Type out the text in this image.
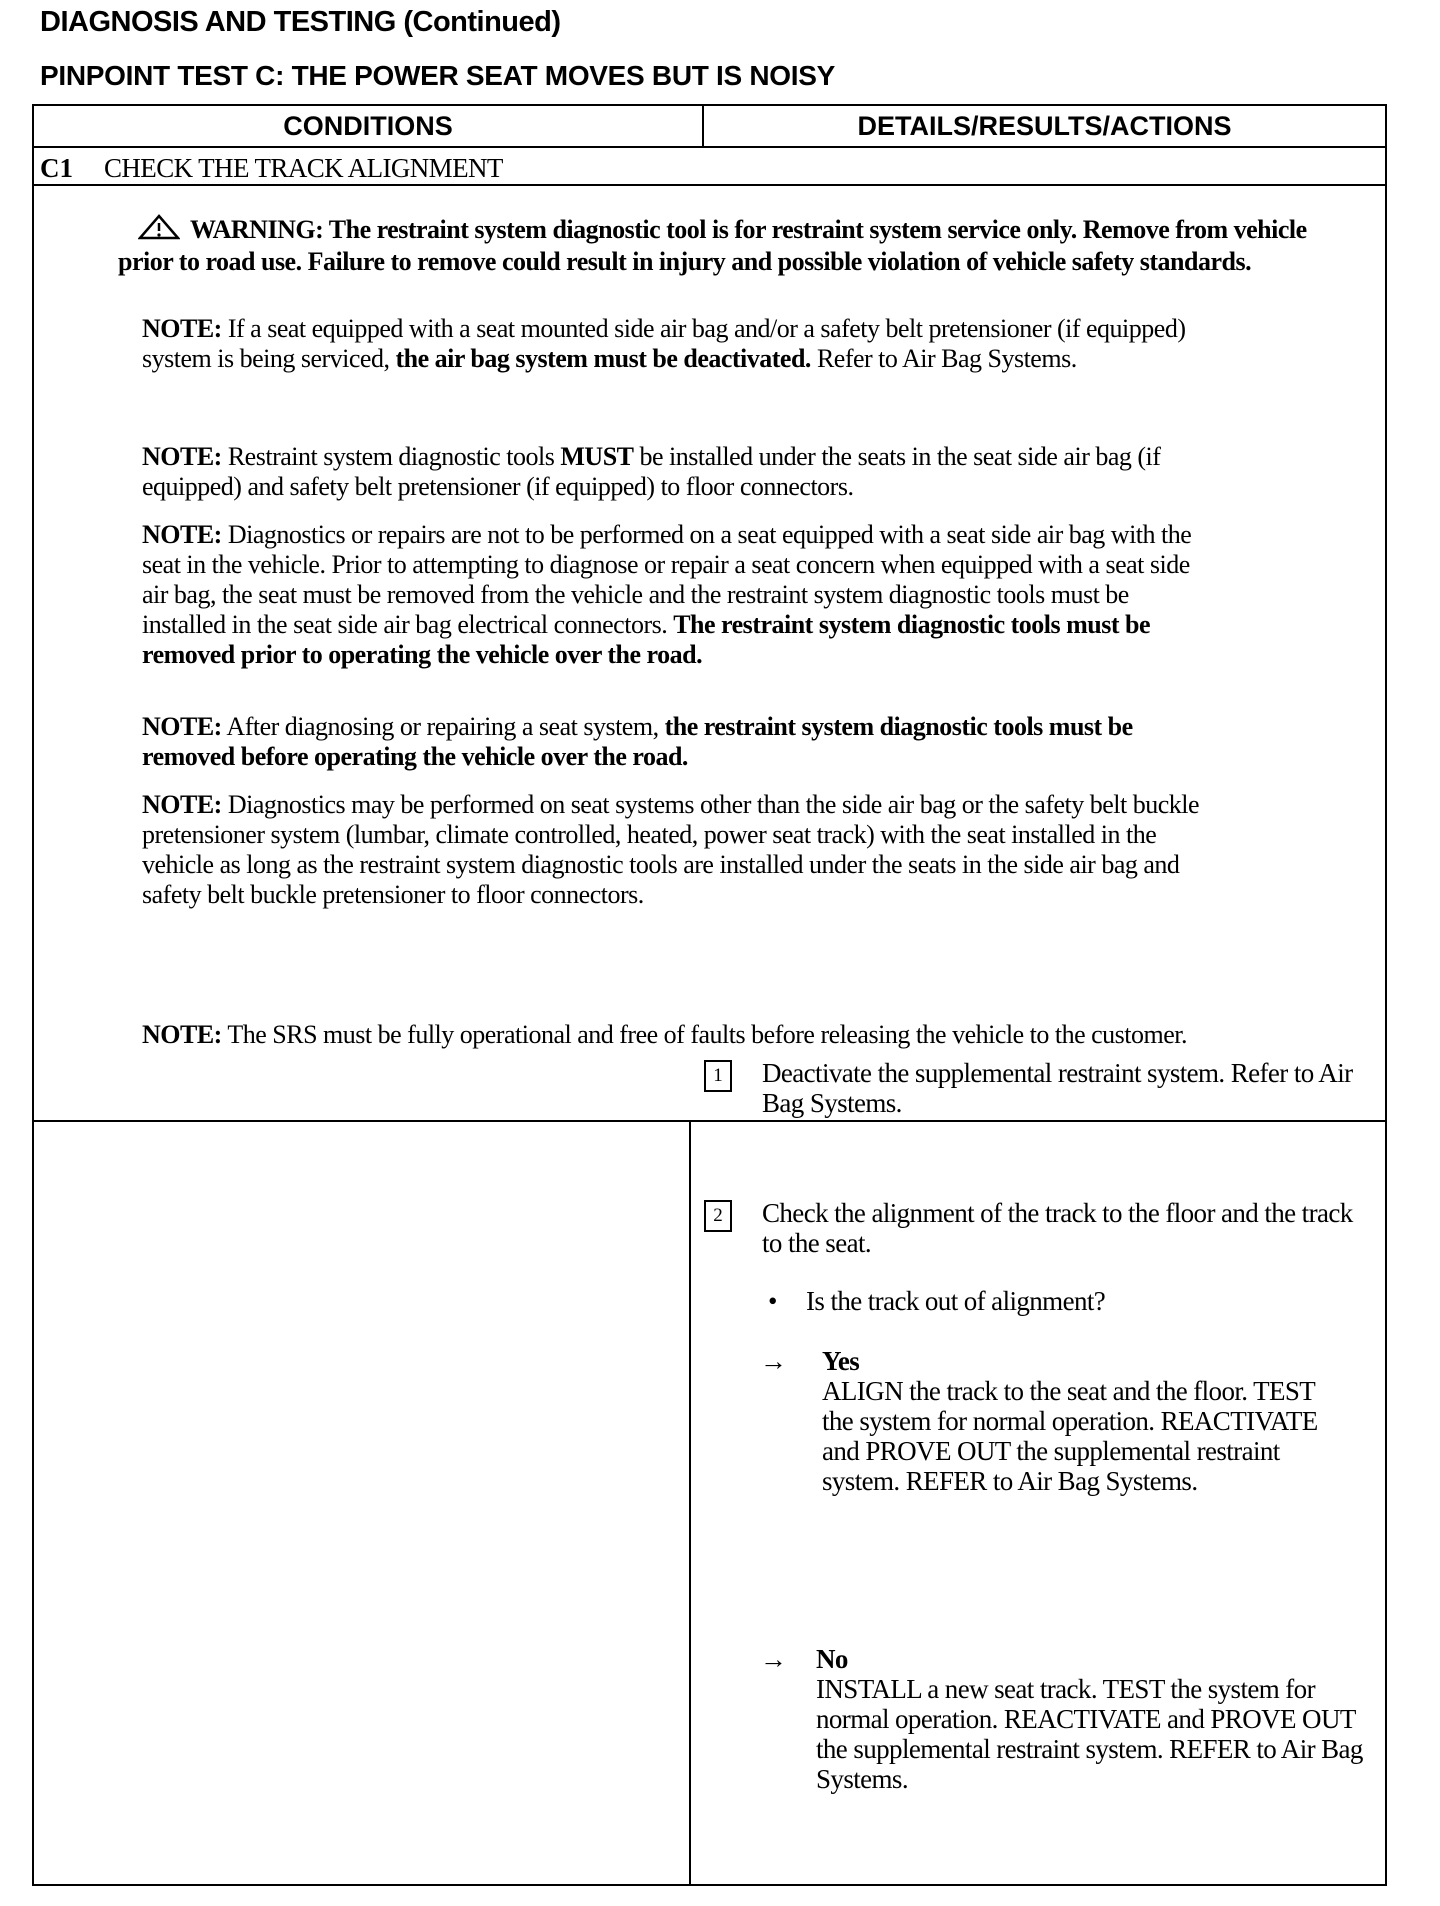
DIAGNOSIS AND TESTING (Continued)
PINPOINT TEST C: THE POWER SEAT MOVES BUT IS NOISY
CONDITIONS	DETAILS/RESULTS/ACTIONS
C1 CHECK THE TRACK ALIGNMENT
WARNING: The restraint system diagnostic tool is for restraint system service only. Remove from vehicle prior to road use. Failure to remove could result in injury and possible violation of vehicle safety standards.
NOTE: If a seat equipped with a seat mounted side air bag and/or a safety belt pretensioner (if equipped) system is being serviced, the air bag system must be deactivated. Refer to Air Bag Systems.
NOTE: Restraint system diagnostic tools MUST be installed under the seats in the seat side air bag (if equipped) and safety belt pretensioner (if equipped) to floor connectors.
NOTE: Diagnostics or repairs are not to be performed on a seat equipped with a seat side air bag with the seat in the vehicle. Prior to attempting to diagnose or repair a seat concern when equipped with a seat side air bag, the seat must be removed from the vehicle and the restraint system diagnostic tools must be installed in the seat side air bag electrical connectors. The restraint system diagnostic tools must be removed prior to operating the vehicle over the road.
NOTE: After diagnosing or repairing a seat system, the restraint system diagnostic tools must be removed before operating the vehicle over the road.
NOTE: Diagnostics may be performed on seat systems other than the side air bag or the safety belt buckle pretensioner system (lumbar, climate controlled, heated, power seat track) with the seat installed in the vehicle as long as the restraint system diagnostic tools are installed under the seats in the side air bag and safety belt buckle pretensioner to floor connectors.
NOTE: The SRS must be fully operational and free of faults before releasing the vehicle to the customer.
1	Deactivate the supplemental restraint system. Refer to Air Bag Systems.
2	Check the alignment of the track to the floor and the track to the seat.
• Is the track out of alignment?
→ Yes
ALIGN the track to the seat and the floor. TEST the system for normal operation. REACTIVATE and PROVE OUT the supplemental restraint system. REFER to Air Bag Systems.
→ No
INSTALL a new seat track. TEST the system for normal operation. REACTIVATE and PROVE OUT the supplemental restraint system. REFER to Air Bag Systems.
